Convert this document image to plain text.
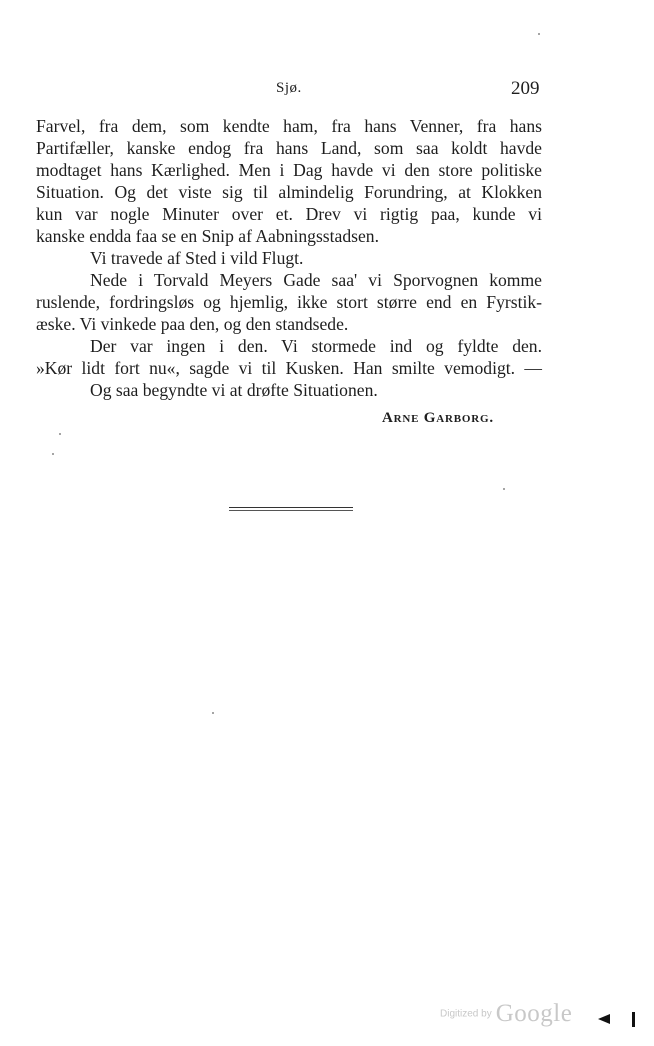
Sjø.	209
Farvel, fra dem, som kendte ham, fra hans Venner, fra hans
Partifæller, kanske endog fra hans Land, som saa koldt havde
modtaget hans Kærlighed. Men i Dag havde vi den store politiske
Situation. Og det viste sig til almindelig Forundring, at Klokken
kun var nogle Minuter over et. Drev vi rigtig paa, kunde vi
kanske endda faa se en Snip af Aabningsstadsen.
Vi travede af Sted i vild Flugt.
Nede i Torvald Meyers Gade saa' vi Sporvognen komme
ruslende, fordringsløs og hjemlig, ikke stort større end en Fyrstik-
æske. Vi vinkede paa den, og den standsede.
Der var ingen i den. Vi stormede ind og fyldte den.
»Kør lidt fort nu«, sagde vi til Kusken. Han smilte vemodigt. —
Og saa begyndte vi at drøfte Situationen.
Arne Garborg.
Digitized by Google
